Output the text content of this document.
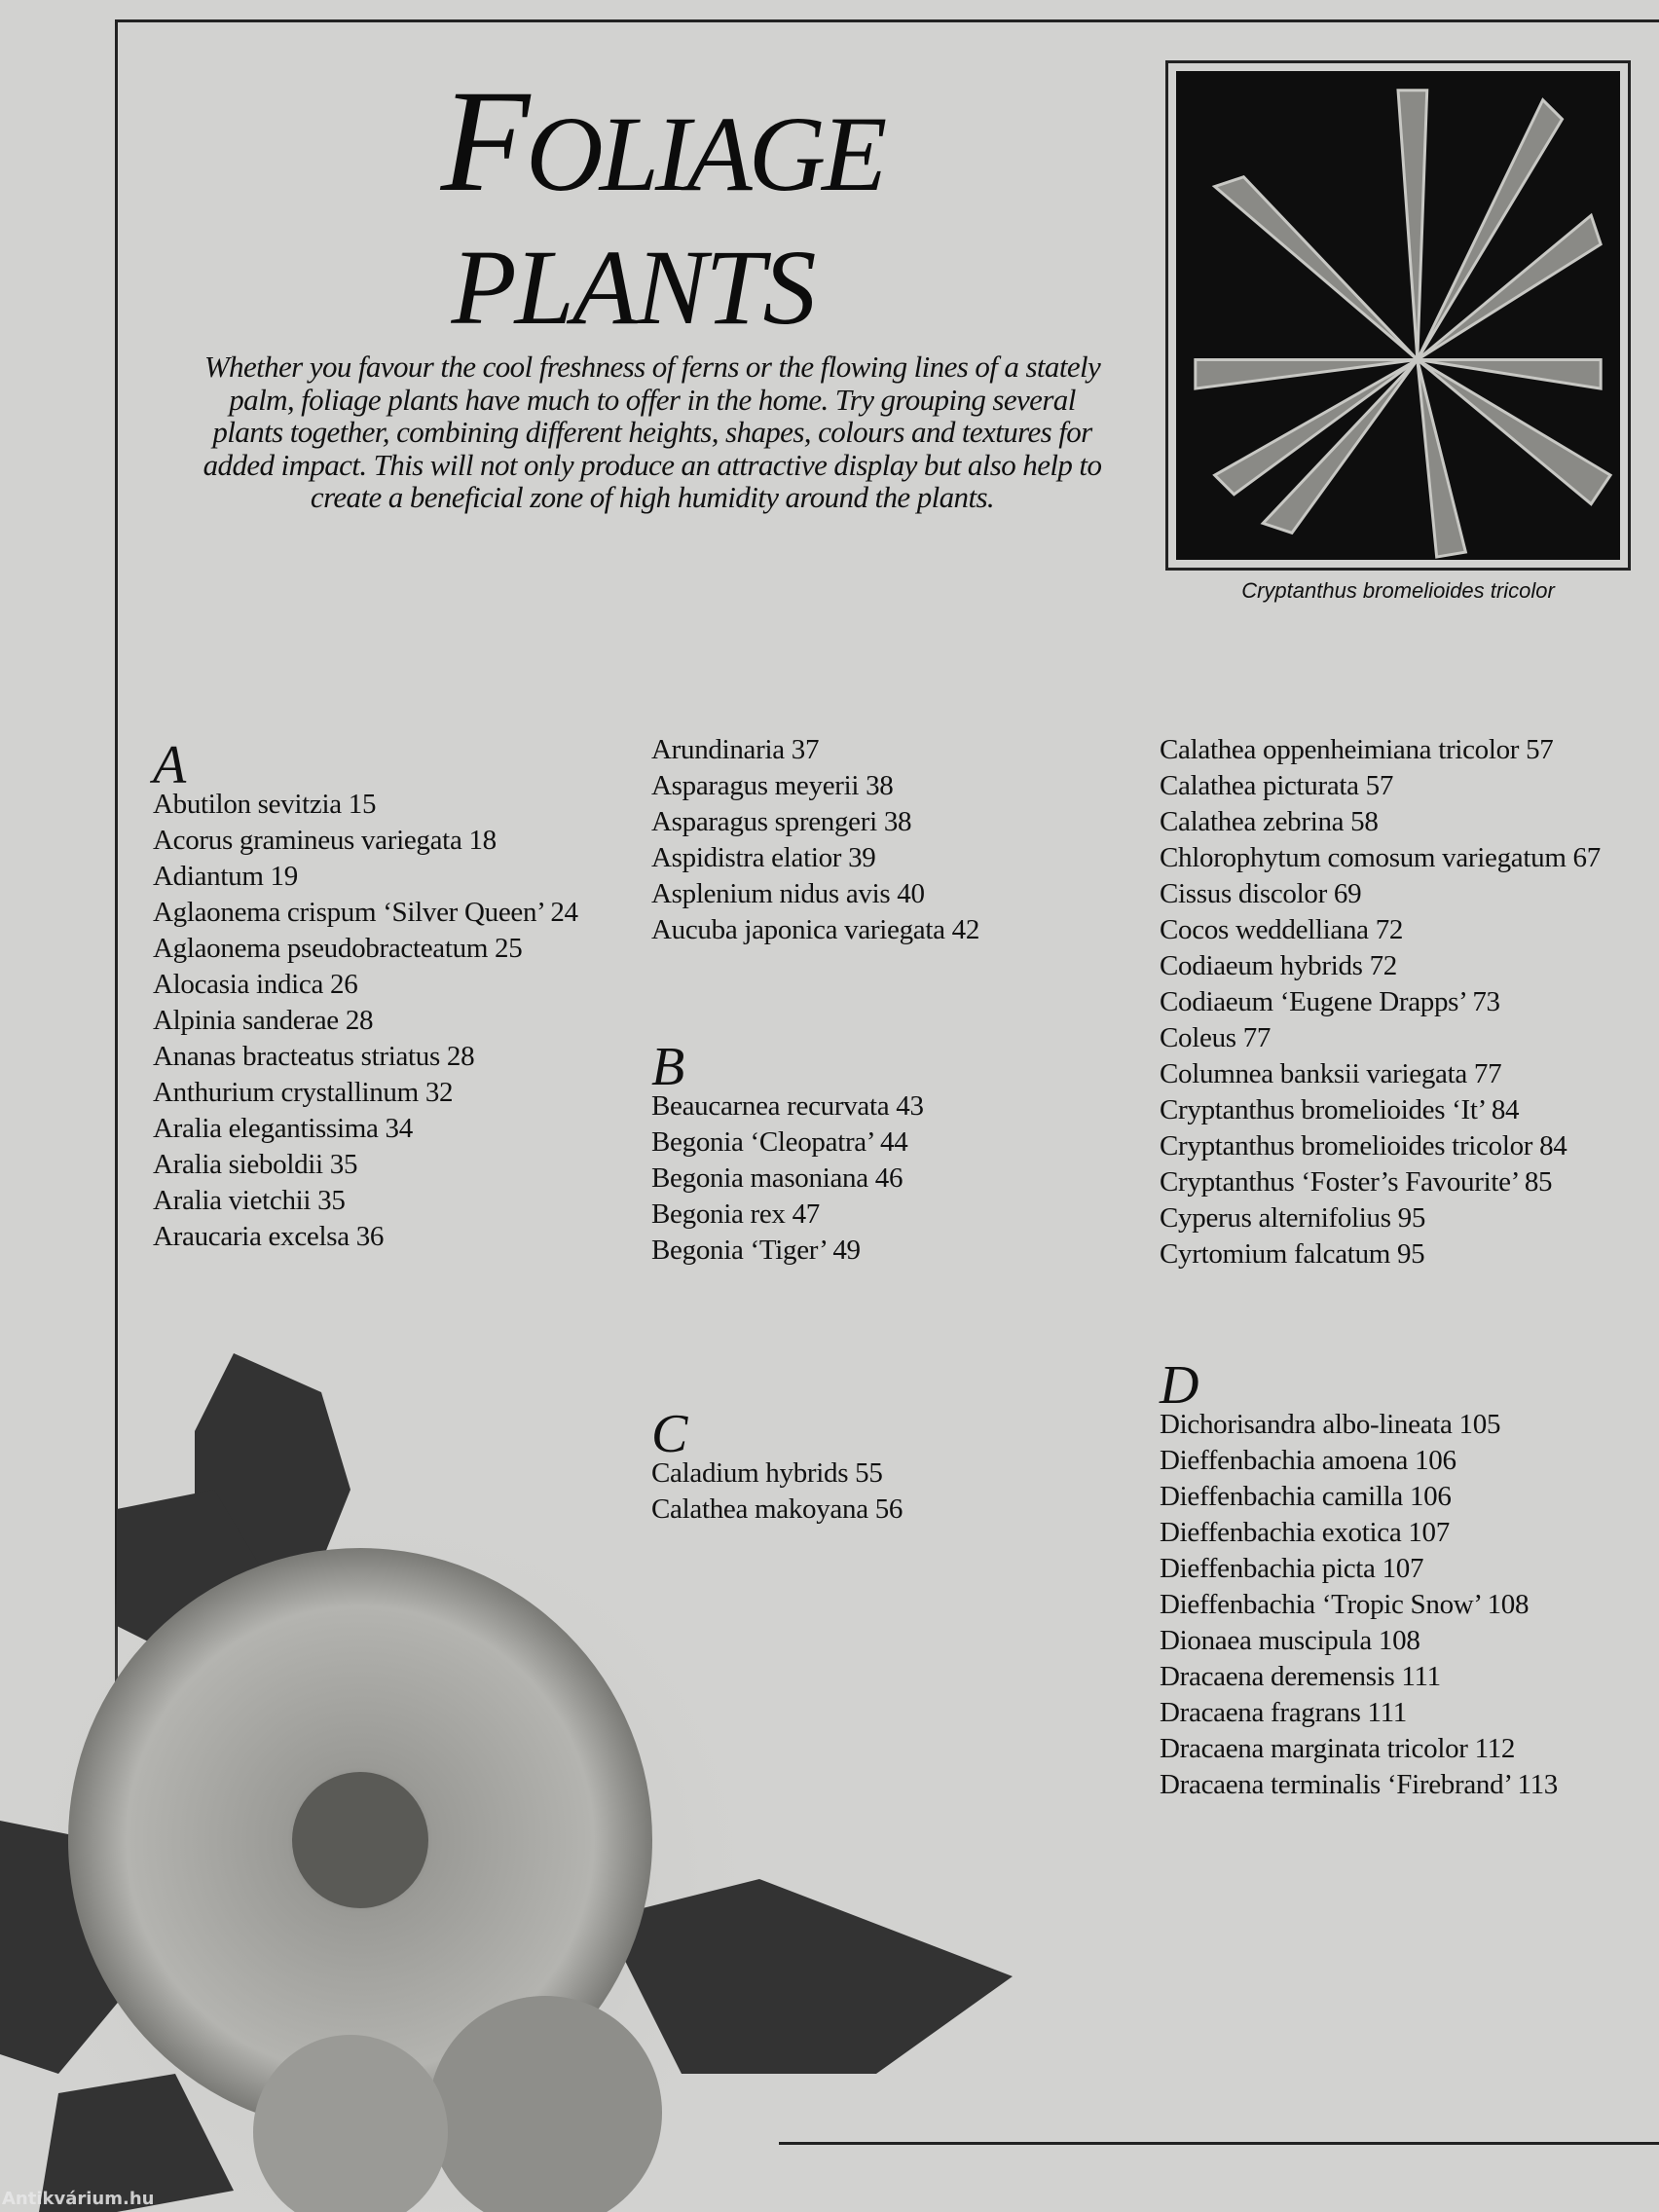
FOLIAGE
PLANTS
Whether you favour the cool freshness of ferns or the flowing lines of a stately palm, foliage plants have much to offer in the home. Try grouping several plants together, combining different heights, shapes, colours and textures for added impact. This will not only produce an attractive display but also help to create a beneficial zone of high humidity around the plants.
Cryptanthus bromelioides tricolor
A
Abutilon sevitzia 15
Acorus gramineus variegata 18
Adiantum 19
Aglaonema crispum ‘Silver Queen’ 24
Aglaonema pseudobracteatum 25
Alocasia indica 26
Alpinia sanderae 28
Ananas bracteatus striatus 28
Anthurium crystallinum 32
Aralia elegantissima 34
Aralia sieboldii 35
Aralia vietchii 35
Araucaria excelsa 36
Arundinaria 37
Asparagus meyerii 38
Asparagus sprengeri 38
Aspidistra elatior 39
Asplenium nidus avis 40
Aucuba japonica variegata 42
B
Beaucarnea recurvata 43
Begonia ‘Cleopatra’ 44
Begonia masoniana 46
Begonia rex 47
Begonia ‘Tiger’ 49
C
Caladium hybrids 55
Calathea makoyana 56
Calathea oppenheimiana tricolor 57
Calathea picturata 57
Calathea zebrina 58
Chlorophytum comosum variegatum 67
Cissus discolor 69
Cocos weddelliana 72
Codiaeum hybrids 72
Codiaeum ‘Eugene Drapps’ 73
Coleus 77
Columnea banksii variegata 77
Cryptanthus bromelioides ‘It’ 84
Cryptanthus bromelioides tricolor 84
Cryptanthus ‘Foster’s Favourite’ 85
Cyperus alternifolius 95
Cyrtomium falcatum 95
D
Dichorisandra albo-lineata 105
Dieffenbachia amoena 106
Dieffenbachia camilla 106
Dieffenbachia exotica 107
Dieffenbachia picta 107
Dieffenbachia ‘Tropic Snow’ 108
Dionaea muscipula 108
Dracaena deremensis 111
Dracaena fragrans 111
Dracaena marginata tricolor 112
Dracaena terminalis ‘Firebrand’ 113
Antikvárium.hu
